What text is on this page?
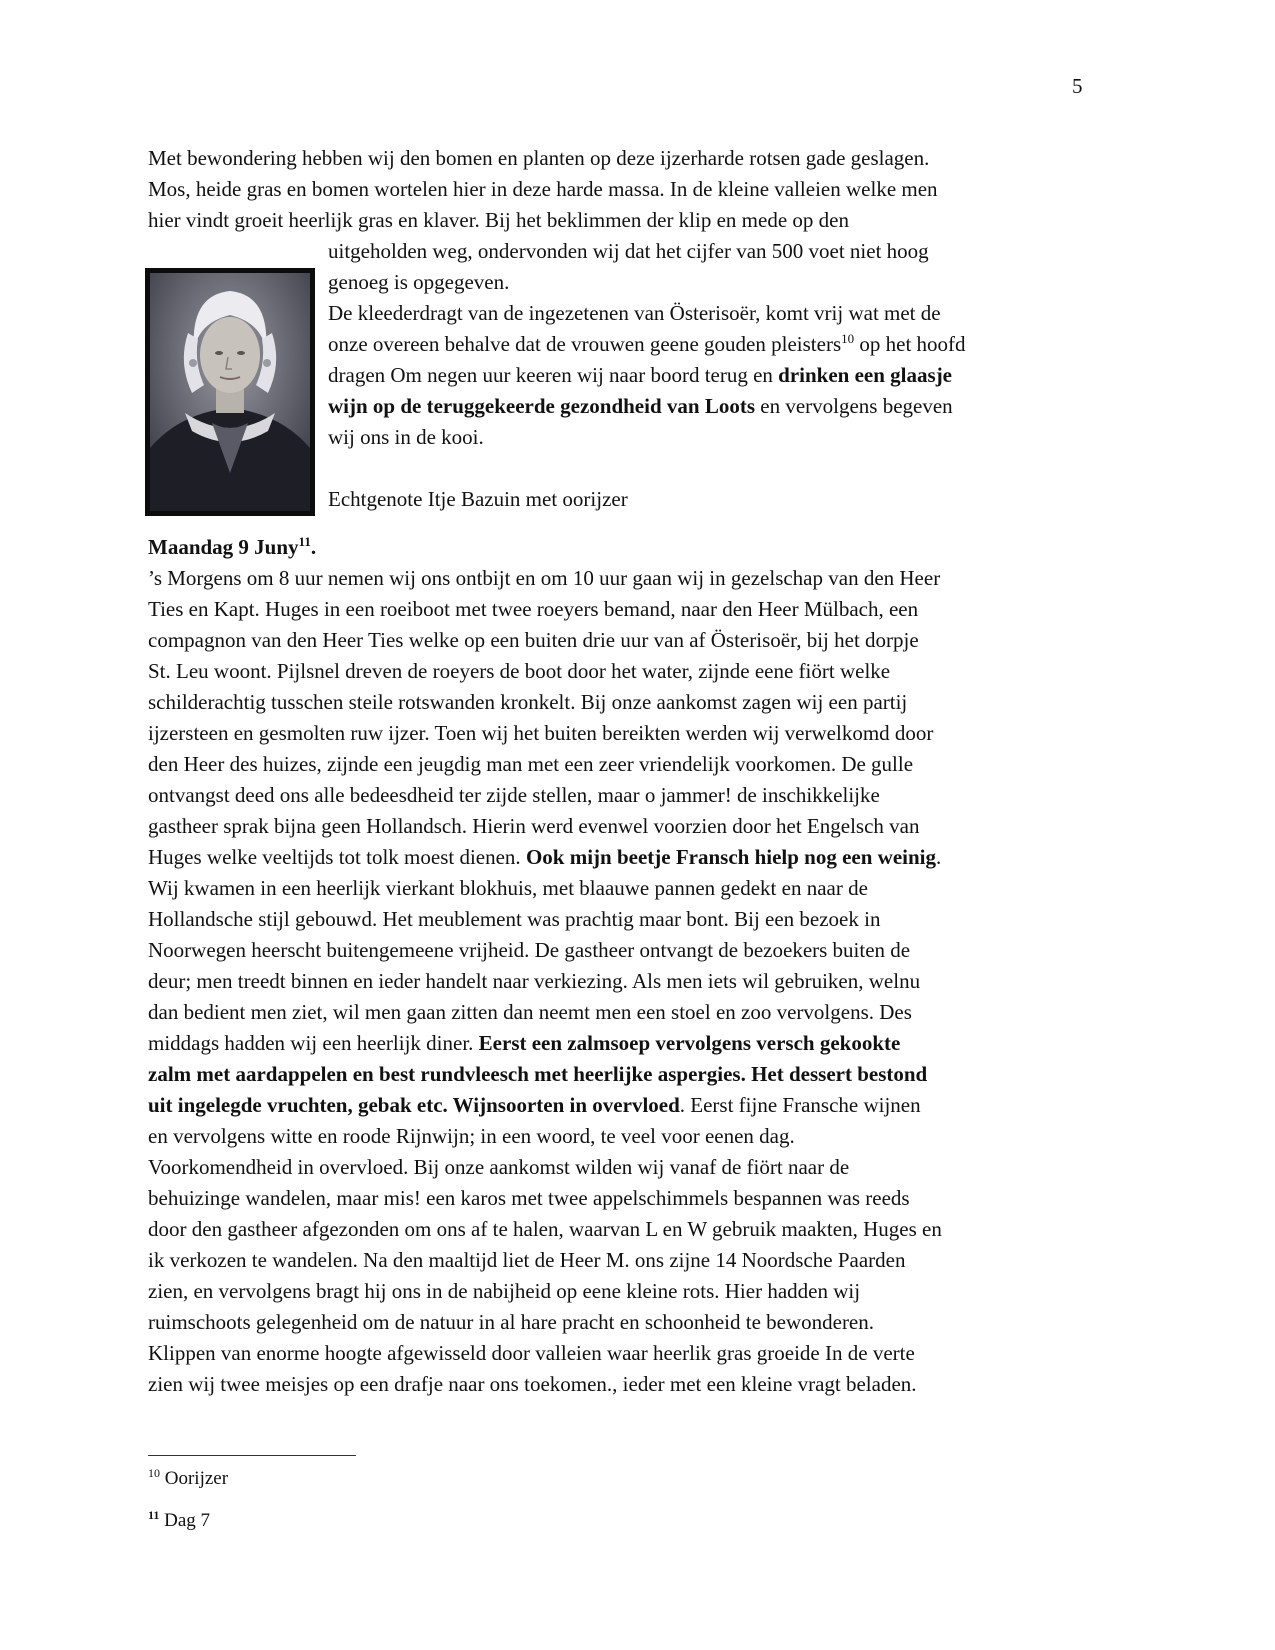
5
Met bewondering hebben wij den bomen en planten op deze ijzerharde rotsen gade geslagen.
Mos, heide gras en bomen wortelen hier in deze harde massa. In de kleine valleien welke men
hier vindt groeit heerlijk gras en klaver. Bij het beklimmen der klip en mede op den
uitgeholden weg, ondervonden wij dat het cijfer van 500 voet niet hoog
genoeg is opgegeven.
De kleederdragt van de ingezetenen van Österisoër, komt vrij wat met de
onze overeen behalve dat de vrouwen geene gouden pleisters$^{10}$ op het hoofd
dragen Om negen uur keeren wij naar boord terug en drinken een glaasje
wijn op de teruggekeerde gezondheid van Loots en vervolgens begeven
wij ons in de kooi.
Echtgenote Itje Bazuin met oorijzer
Maandag 9 Juny$^{11}$.
’s Morgens om 8 uur nemen wij ons ontbijt en om 10 uur gaan wij in gezelschap van den Heer
Ties en Kapt. Huges in een roeiboot met twee roeyers bemand, naar den Heer Mülbach, een
compagnon van den Heer Ties welke op een buiten drie uur van af Österisoër, bij het dorpje
St. Leu woont. Pijlsnel dreven de roeyers de boot door het water, zijnde eene fiört welke
schilderachtig tusschen steile rotswanden kronkelt. Bij onze aankomst zagen wij een partij
ijzersteen en gesmolten ruw ijzer. Toen wij het buiten bereikten werden wij verwelkomd door
den Heer des huizes, zijnde een jeugdig man met een zeer vriendelijk voorkomen. De gulle
ontvangst deed ons alle bedeesdheid ter zijde stellen, maar o jammer! de inschikkelijke
gastheer sprak bijna geen Hollandsch. Hierin werd evenwel voorzien door het Engelsch van
Huges welke veeltijds tot tolk moest dienen. Ook mijn beetje Fransch hielp nog een weinig.
Wij kwamen in een heerlijk vierkant blokhuis, met blaauwe pannen gedekt en naar de
Hollandsche stijl gebouwd. Het meublement was prachtig maar bont. Bij een bezoek in
Noorwegen heerscht buitengemeene vrijheid. De gastheer ontvangt de bezoekers buiten de
deur; men treedt binnen en ieder handelt naar verkiezing. Als men iets wil gebruiken, welnu
dan bedient men ziet, wil men gaan zitten dan neemt men een stoel en zoo vervolgens. Des
middags hadden wij een heerlijk diner. Eerst een zalmsoep vervolgens versch gekookte
zalm met aardappelen en best rundvleesch met heerlijke aspergies. Het dessert bestond
uit ingelegde vruchten, gebak etc. Wijnsoorten in overvloed. Eerst fijne Fransche wijnen
en vervolgens witte en roode Rijnwijn; in een woord, te veel voor eenen dag.
Voorkomendheid in overvloed. Bij onze aankomst wilden wij vanaf de fiört naar de
behuizinge wandelen, maar mis! een karos met twee appelschimmels bespannen was reeds
door den gastheer afgezonden om ons af te halen, waarvan L en W gebruik maakten, Huges en
ik verkozen te wandelen. Na den maaltijd liet de Heer M. ons zijne 14 Noordsche Paarden
zien, en vervolgens bragt hij ons in de nabijheid op eene kleine rots. Hier hadden wij
ruimschoots gelegenheid om de natuur in al hare pracht en schoonheid te bewonderen.
Klippen van enorme hoogte afgewisseld door valleien waar heerlik gras groeide In de verte
zien wij twee meisjes op een drafje naar ons toekomen., ieder met een kleine vragt beladen.
$^{10}$ Oorijzer
$^{11}$ Dag 7
